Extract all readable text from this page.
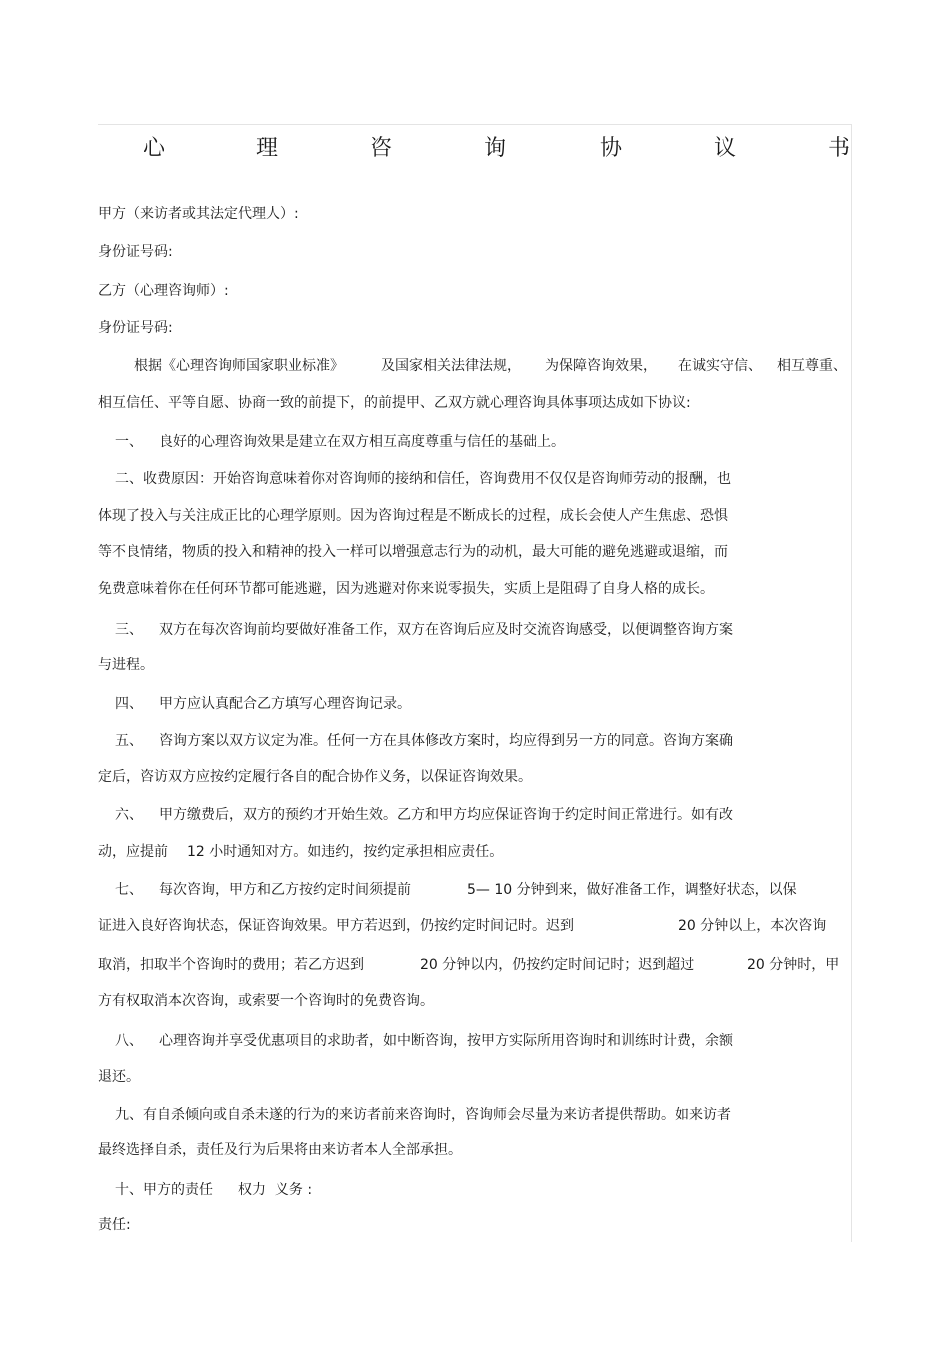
心	理	咨	询	协	议	书
甲方（来访者或其法定代理人）:
身份证号码:
乙方（心理咨询师）:
身份证号码:
根据《心理咨询师国家职业标准》	及国家相关法律法规， 为保障咨询效果， 在诚实守信、 相互尊重、
相互信任、平等自愿、协商一致的前提下，的前提甲、乙双方就心理咨询具体事项达成如下协议:
一、 良好的心理咨询效果是建立在双方相互高度尊重与信任的基础上。
二、收费原因：开始咨询意味着你对咨询师的接纳和信任，咨询费用不仅仅是咨询师劳动的报酬，也
体现了投入与关注成正比的心理学原则。因为咨询过程是不断成长的过程，成长会使人产生焦虑、恐惧
等不良情绪，物质的投入和精神的投入一样可以增强意志行为的动机，最大可能的避免逃避或退缩，而
免费意味着你在任何环节都可能逃避，因为逃避对你来说零损失，实质上是阻碍了自身人格的成长。
三、 双方在每次咨询前均要做好准备工作，双方在咨询后应及时交流咨询感受，以便调整咨询方案
与进程。
四、 甲方应认真配合乙方填写心理咨询记录。
五、 咨询方案以双方议定为准。任何一方在具体修改方案时，均应得到另一方的同意。咨询方案确
定后，咨访双方应按约定履行各自的配合协作义务，以保证咨询效果。
六、 甲方缴费后，双方的预约才开始生效。乙方和甲方均应保证咨询于约定时间正常进行。如有改
动，应提前 12 小时通知对方。如违约，按约定承担相应责任。
七、 每次咨询，甲方和乙方按约定时间须提前	5— 10 分钟到来，做好准备工作，调整好状态，以保
证进入良好咨询状态，保证咨询效果。甲方若迟到，仍按约定时间记时。迟到	20 分钟以上，本次咨询
取消，扣取半个咨询时的费用；若乙方迟到	20 分钟以内，仍按约定时间记时；迟到超过	20 分钟时，甲
方有权取消本次咨询，或索要一个咨询时的免费咨询。
八、 心理咨询并享受优惠项目的求助者，如中断咨询，按甲方实际所用咨询时和训练时计费，余额
退还。
九、有自杀倾向或自杀未遂的行为的来访者前来咨询时，咨询师会尽量为来访者提供帮助。如来访者
最终选择自杀，责任及行为后果将由来访者本人全部承担。
十、甲方的责任 权力  义务 :
责任:
